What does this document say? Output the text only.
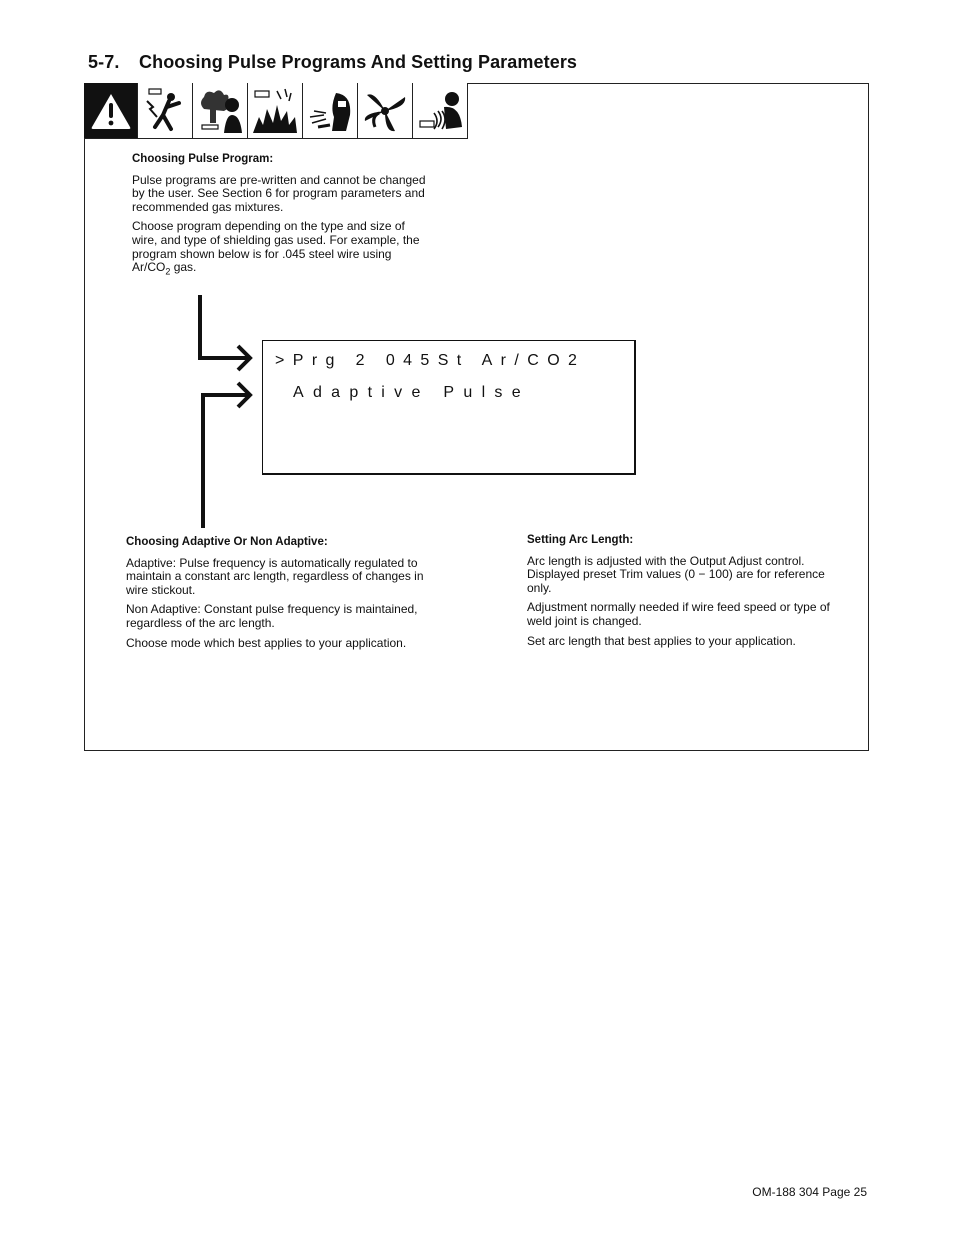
5-7. Choosing Pulse Programs And Setting Parameters
Choosing Pulse Program:

Pulse programs are pre-written and cannot be changed by the user. See Section 6 for program parameters and recommended gas mixtures.

Choose program depending on the type and size of wire, and type of shielding gas used. For example, the program shown below is for .045 steel wire using $Ar/CO_2$ gas.

>Prg 2 045St Ar/CO2
Adaptive Pulse
Choosing Adaptive Or Non Adaptive:

Adaptive: Pulse frequency is automatically regulated to maintain a constant arc length, regardless of changes in wire stickout.

Non Adaptive: Constant pulse frequency is maintained, regardless of the arc length.

Choose mode which best applies to your application.

Setting Arc Length:

Arc length is adjusted with the Output Adjust control. Displayed preset Trim values (0 − 100) are for reference only.

Adjustment normally needed if wire feed speed or type of weld joint is changed.

Set arc length that best applies to your application.

OM-188 304 Page 25
